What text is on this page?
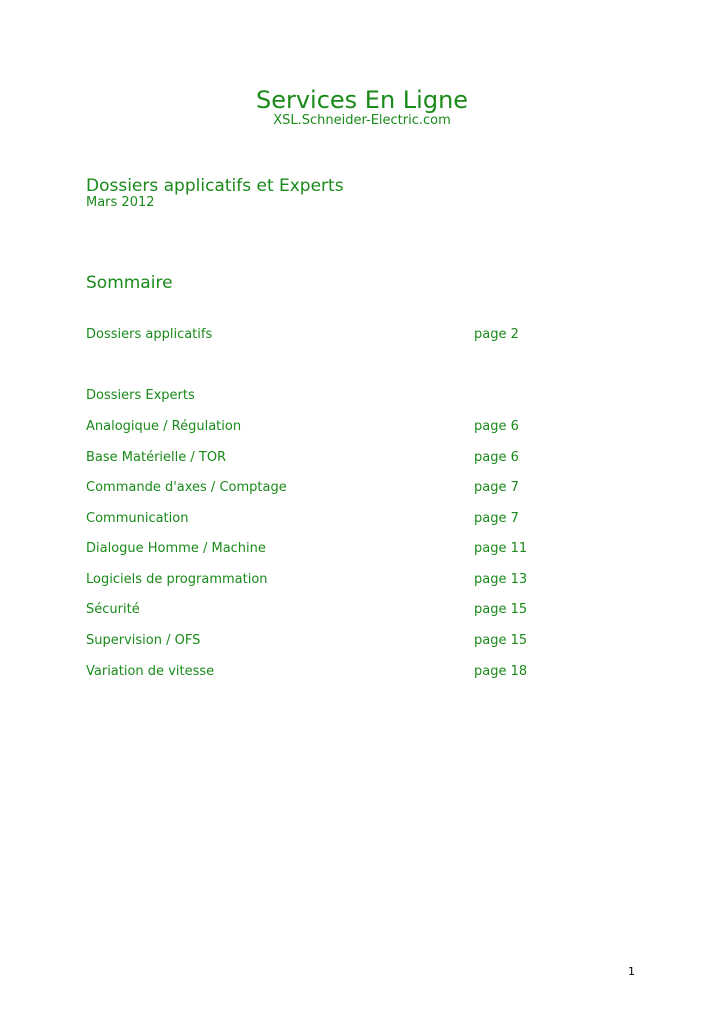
Services En Ligne
XSL.Schneider-Electric.com
Dossiers applicatifs et Experts
Mars 2012
Sommaire
Dossiers applicatifs	page 2
Dossiers Experts
Analogique / Régulation	page 6
Base Matérielle / TOR	page 6
Commande d'axes / Comptage	page 7
Communication	page 7
Dialogue Homme / Machine	page 11
Logiciels de programmation	page 13
Sécurité	page 15
Supervision / OFS	page 15
Variation de vitesse	page 18
1
